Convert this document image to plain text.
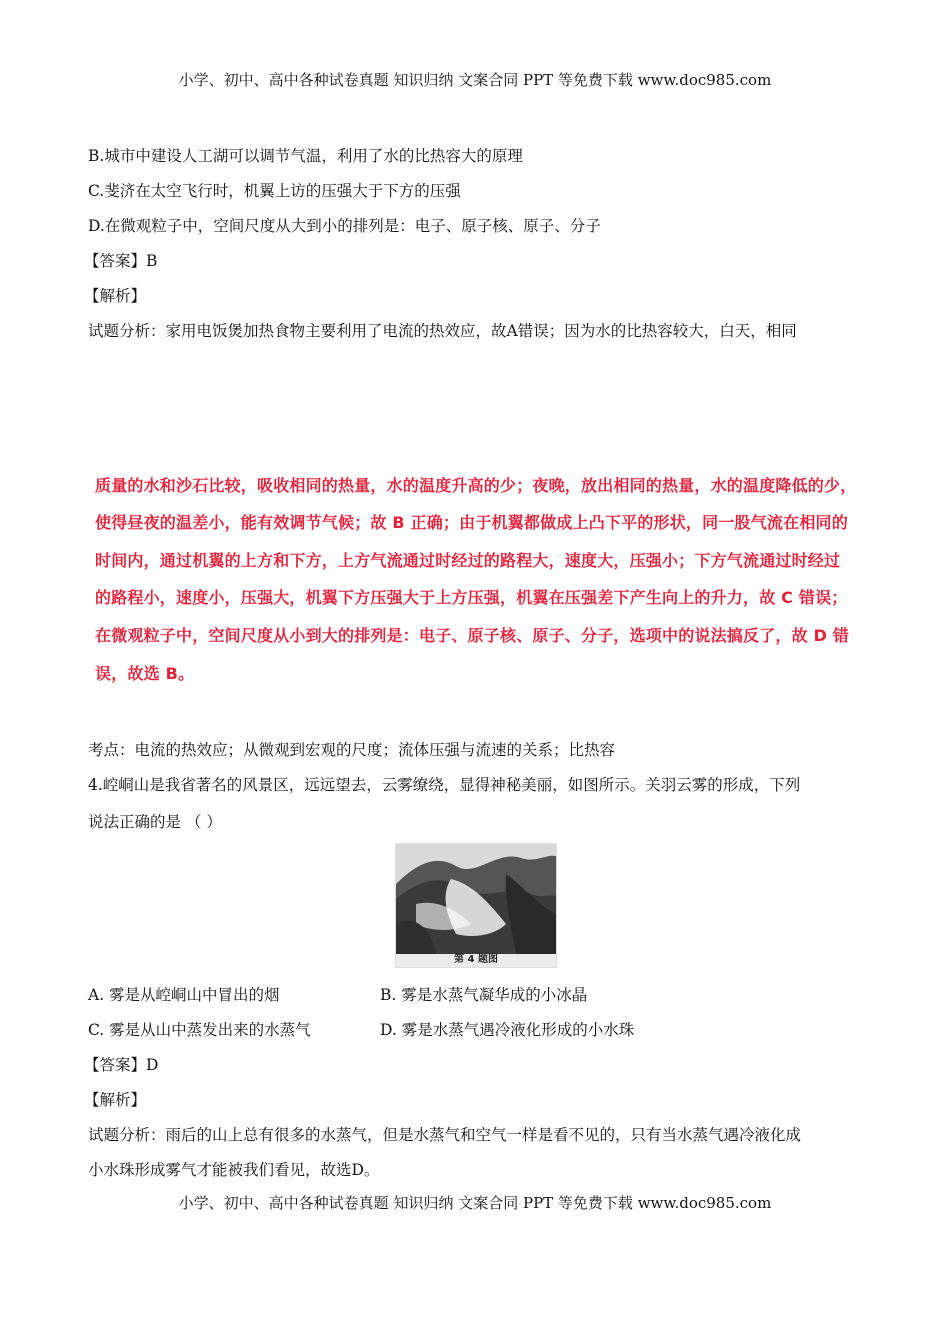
小学、初中、高中各种试卷真题 知识归纳 文案合同 PPT 等免费下载 www.doc985.com
B.城市中建设人工湖可以调节气温，利用了水的比热容大的原理
C.斐济在太空飞行时，机翼上访的压强大于下方的压强
D.在微观粒子中，空间尺度从大到小的排列是：电子、原子核、原子、分子
【答案】B
【解析】
试题分析：家用电饭煲加热食物主要利用了电流的热效应，故A错误；因为水的比热容较大，白天，相同
质量的水和沙石比较，吸收相同的热量，水的温度升高的少；夜晚，放出相同的热量，水的温度降低的少，
使得昼夜的温差小，能有效调节气候；故 B 正确；由于机翼都做成上凸下平的形状，同一股气流在相同的
时间内，通过机翼的上方和下方，上方气流通过时经过的路程大，速度大，压强小；下方气流通过时经过
的路程小，速度小，压强大，机翼下方压强大于上方压强，机翼在压强差下产生向上的升力，故 C 错误；
在微观粒子中，空间尺度从小到大的排列是：电子、原子核、原子、分子，选项中的说法搞反了，故 D 错
误，故选 B。
考点：电流的热效应；从微观到宏观的尺度；流体压强与流速的关系；比热容
4.崆峒山是我省著名的风景区，远远望去，云雾缭绕，显得神秘美丽，如图所示。关羽云雾的形成，下列
说法正确的是 （ ）
第 4 题图
A. 雾是从崆峒山中冒出的烟	B. 雾是水蒸气凝华成的小冰晶
C. 雾是从山中蒸发出来的水蒸气	D. 雾是水蒸气遇冷液化形成的小水珠
【答案】D
【解析】
试题分析：雨后的山上总有很多的水蒸气，但是水蒸气和空气一样是看不见的，只有当水蒸气遇冷液化成
小水珠形成雾气才能被我们看见，故选D。
小学、初中、高中各种试卷真题 知识归纳 文案合同 PPT 等免费下载 www.doc985.com
